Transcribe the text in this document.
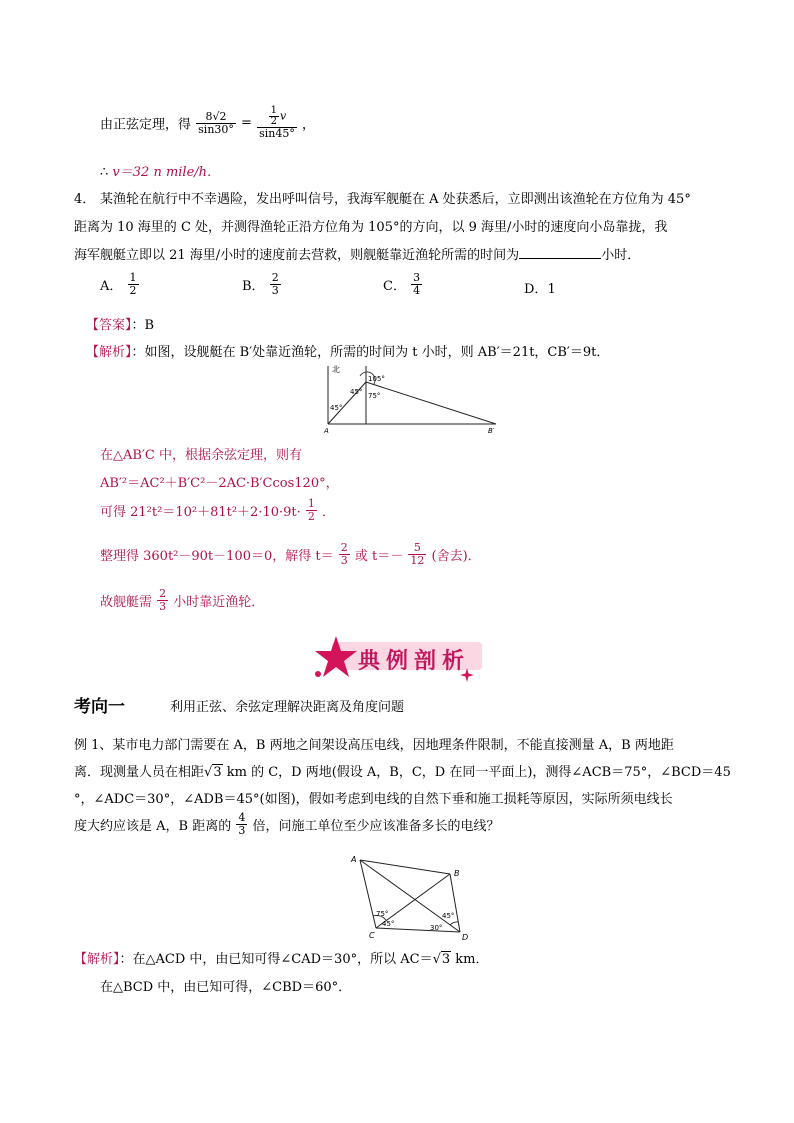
由正弦定理，得 $\frac{8√2}{\sin 30^\circ} = \frac{\frac{1}{2} v}{\sin 45^\circ}$ ，
∴ v＝32 n mile/h．
4． 某渔轮在航行中不幸遇险，发出呼叫信号，我海军舰艇在 A 处获悉后，立即测出该渔轮在方位角为 45°
距离为 10 海里的 C 处，并测得渔轮正沿方位角为 105°的方向，以 9 海里/小时的速度向小岛靠拢，我
海军舰艇立即以 21 海里/小时的速度前去营救，则舰艇靠近渔轮所需的时间为	小时．
A． $\frac{1}{2}$	B． $\frac{2}{3}$	C． $\frac{3}{4}$	D．1
【答案】：B
【解析】：如图，设舰艇在 B′处靠近渔轮，所需的时间为 t 小时，则 AB′＝21t，CB′＝9t．
北
105°
45° 75°
45°
A	B′
在△AB′C 中，根据余弦定理，则有
AB′²＝AC²＋B′C²－2AC·B′Ccos120°，
可得 $21^2t^2=10^2+81t^2+2\cdot 10\cdot 9t\cdot \frac{1}{2}$ ．
整理得 360t²－90t－100＝0，解得 $t= \frac{2}{3}$ 或 $t=- \frac{5}{12}$ (舍去)．
故舰艇需 $\frac{2}{3}$ 小时靠近渔轮．
典例剖析
考向一	利用正弦、余弦定理解决距离及角度问题
例 1、某市电力部门需要在 A，B 两地之间架设高压电线，因地理条件限制，不能直接测量 A，B 两地距
离．现测量人员在相距√3 km 的 C，D 两地(假设 A，B，C，D 在同一平面上)，测得∠ACB＝75°，∠BCD＝45
°，∠ADC＝30°，∠ADB＝45°(如图)，假如考虑到电线的自然下垂和施工损耗等原因，实际所须电线长
度大约应该是 A，B 距离的 $\frac{4}{3}$ 倍，问施工单位至少应该准备多长的电线？
A
B
C	D
75°
45°
45°
30°
【解析】：在△ACD 中，由已知可得∠CAD＝30°，所以 AC＝√3 km．
在△BCD 中，由已知可得，∠CBD＝60°．
